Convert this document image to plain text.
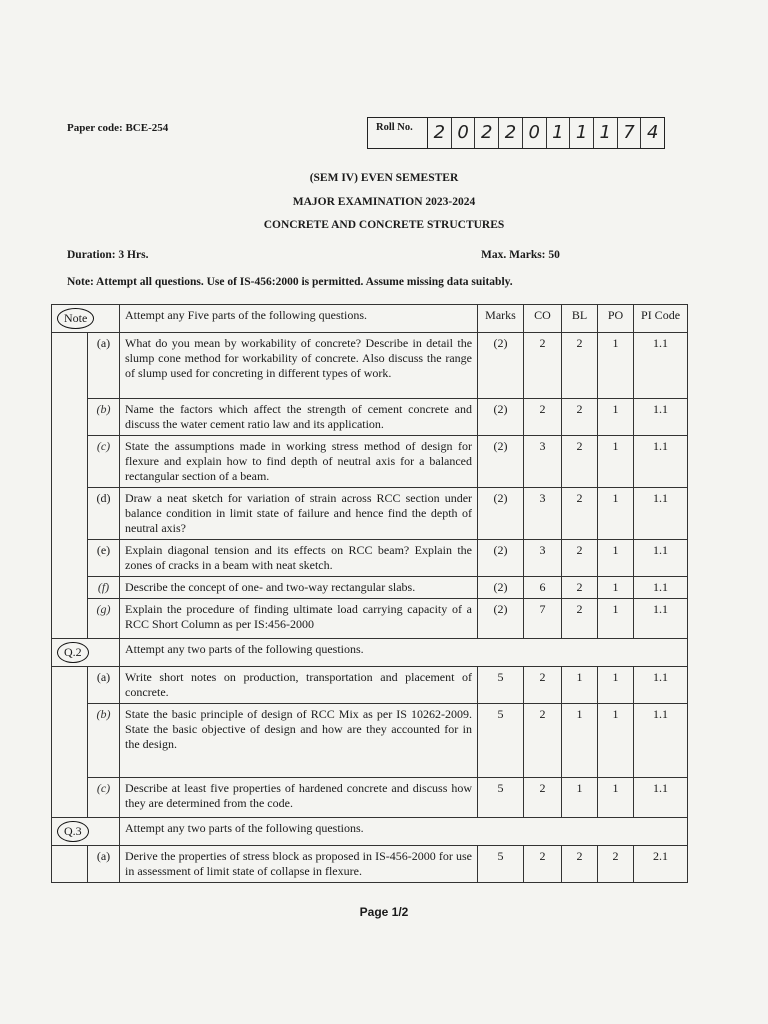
Paper code: BCE-254	Roll No.	2 0 2 2 0 1 1 1 7 4
(SEM IV) EVEN SEMESTER
MAJOR EXAMINATION 2023-2024
CONCRETE AND CONCRETE STRUCTURES
Duration: 3 Hrs.	Max. Marks: 50
Note: Attempt all questions. Use of IS-456:2000 is permitted. Assume missing data suitably.
Note		Attempt any Five parts of the following questions.	Marks	CO	BL	PO	PI Code
	(a)	What do you mean by workability of concrete? Describe in detail the slump cone method for workability of concrete. Also discuss the range of slump used for concreting in different types of work.	(2)	2	2	1	1.1
	(b)	Name the factors which affect the strength of cement concrete and discuss the water cement ratio law and its application.	(2)	2	2	1	1.1
	(c)	State the assumptions made in working stress method of design for flexure and explain how to find depth of neutral axis for a balanced rectangular section of a beam.	(2)	3	2	1	1.1
	(d)	Draw a neat sketch for variation of strain across RCC section under balance condition in limit state of failure and hence find the depth of neutral axis?	(2)	3	2	1	1.1
	(e)	Explain diagonal tension and its effects on RCC beam? Explain the zones of cracks in a beam with neat sketch.	(2)	3	2	1	1.1
	(f)	Describe the concept of one- and two-way rectangular slabs.	(2)	6	2	1	1.1
	(g)	Explain the procedure of finding ultimate load carrying capacity of a RCC Short Column as per IS:456-2000	(2)	7	2	1	1.1
Q.2		Attempt any two parts of the following questions.					
	(a)	Write short notes on production, transportation and placement of concrete.	5	2	1	1	1.1
	(b)	State the basic principle of design of RCC Mix as per IS 10262-2009. State the basic objective of design and how are they accounted for in the design.	5	2	1	1	1.1
	(c)	Describe at least five properties of hardened concrete and discuss how they are determined from the code.	5	2	1	1	1.1
Q.3		Attempt any two parts of the following questions.					
	(a)	Derive the properties of stress block as proposed in IS-456-2000 for use in assessment of limit state of collapse in flexure.	5	2	2	2	2.1
Page 1/2
